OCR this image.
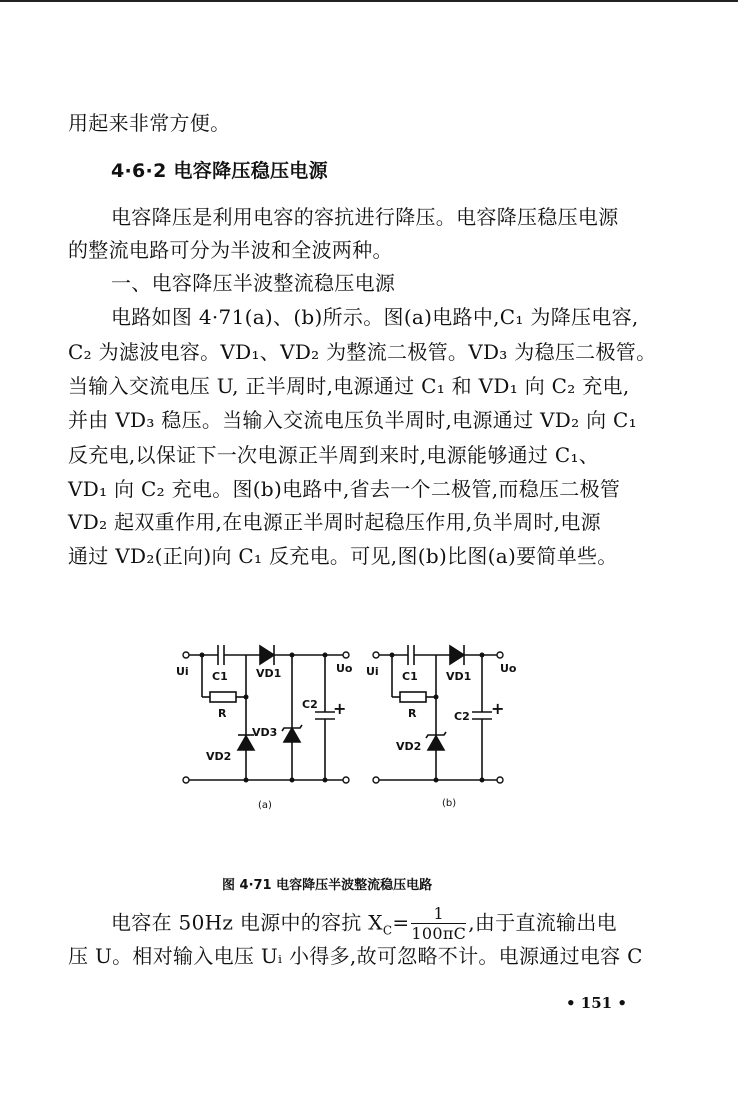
用起来非常方便。
4·6·2 电容降压稳压电源
电容降压是利用电容的容抗进行降压。电容降压稳压电源
的整流电路可分为半波和全波两种。
一、电容降压半波整流稳压电源
电路如图 4·71(a)、(b)所示。图(a)电路中,C₁ 为降压电容,
C₂ 为滤波电容。VD₁、VD₂ 为整流二极管。VD₃ 为稳压二极管。
当输入交流电压 U, 正半周时,电源通过 C₁ 和 VD₁ 向 C₂ 充电,
并由 VD₃ 稳压。当输入交流电压负半周时,电源通过 VD₂ 向 C₁
反充电,以保证下一次电源正半周到来时,电源能够通过 C₁、
VD₁ 向 C₂ 充电。图(b)电路中,省去一个二极管,而稳压二极管
VD₂ 起双重作用,在电源正半周时起稳压作用,负半周时,电源
通过 VD₂(正向)向 C₁ 反充电。可见,图(b)比图(a)要简单些。
Ui C1	VD1	Uo
C2 +
R
VD3
VD2
(a)
Ui C1	VD1
Uo
C2 +
R
VD2
(b)
图 4·71 电容降压半波整流稳压电路
电容在 50Hz 电源中的容抗 $X_C= \frac{1}{100\pi C}$ ,由于直流输出电
压 U。相对输入电压 Uᵢ 小得多,故可忽略不计。电源通过电容 C
• 151 •
